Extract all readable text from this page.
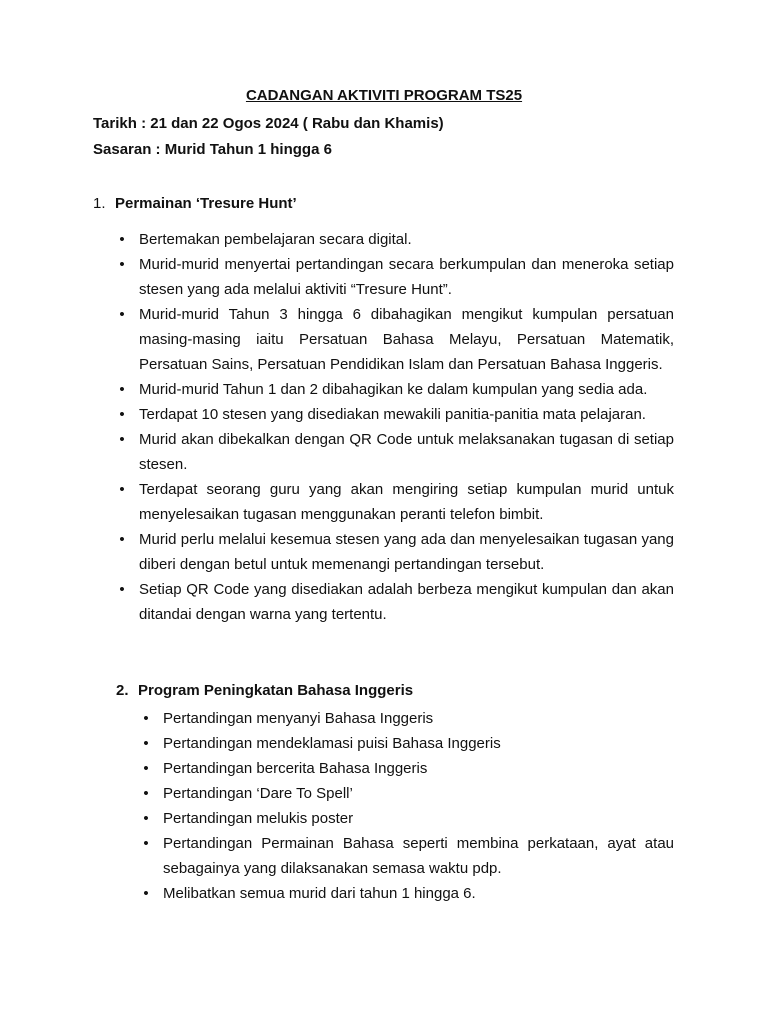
CADANGAN AKTIVITI PROGRAM TS25
Tarikh : 21 dan 22 Ogos 2024 ( Rabu dan Khamis)
Sasaran : Murid Tahun 1 hingga 6
1. Permainan ‘Tresure Hunt’
• Bertemakan pembelajaran secara digital.
• Murid-murid menyertai pertandingan secara berkumpulan dan meneroka setiap stesen yang ada melalui aktiviti “Tresure Hunt”.
• Murid-murid Tahun 3 hingga 6 dibahagikan mengikut kumpulan persatuan masing-masing iaitu Persatuan Bahasa Melayu, Persatuan Matematik, Persatuan Sains, Persatuan Pendidikan Islam dan Persatuan Bahasa Inggeris.
• Murid-murid Tahun 1 dan 2 dibahagikan ke dalam kumpulan yang sedia ada.
• Terdapat 10 stesen yang disediakan mewakili panitia-panitia mata pelajaran.
• Murid akan dibekalkan dengan QR Code untuk melaksanakan tugasan di setiap stesen.
• Terdapat seorang guru yang akan mengiring setiap kumpulan murid untuk menyelesaikan tugasan menggunakan peranti telefon bimbit.
• Murid perlu melalui kesemua stesen yang ada dan menyelesaikan tugasan yang diberi dengan betul untuk memenangi pertandingan tersebut.
• Setiap QR Code yang disediakan adalah berbeza mengikut kumpulan dan akan ditandai dengan warna yang tertentu.
2. Program Peningkatan Bahasa Inggeris
• Pertandingan menyanyi Bahasa Inggeris
• Pertandingan mendeklamasi puisi Bahasa Inggeris
• Pertandingan bercerita Bahasa Inggeris
• Pertandingan ‘Dare To Spell’
• Pertandingan melukis poster
• Pertandingan Permainan Bahasa seperti membina perkataan, ayat atau sebagainya yang dilaksanakan semasa waktu pdp.
• Melibatkan semua murid dari tahun 1 hingga 6.
